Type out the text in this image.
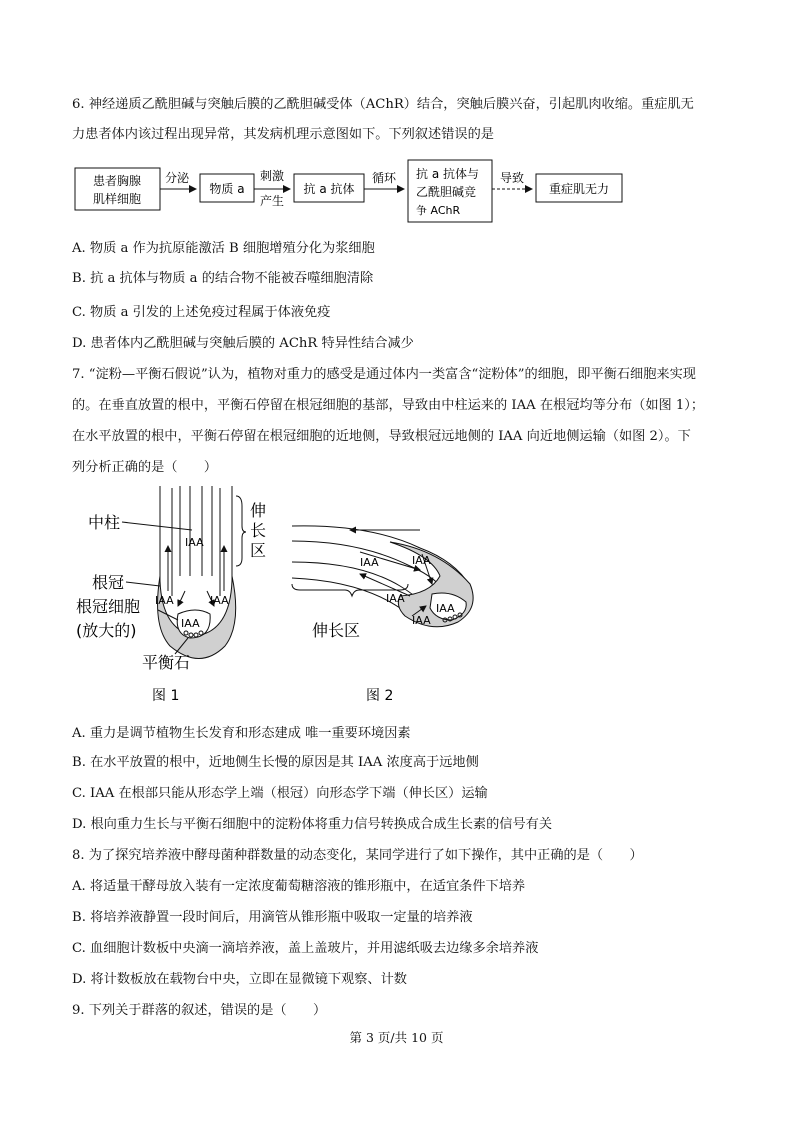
6. 神经递质乙酰胆碱与突触后膜的乙酰胆碱受体（AChR）结合，突触后膜兴奋，引起肌肉收缩。重症肌无
力患者体内该过程出现异常，其发病机理示意图如下。下列叙述错误的是
患者胸腺
肌样细胞
分泌
物质 a
刺激
产生
抗 a 抗体
循环 抗 a 抗体与
乙酰胆碱竞
争 AChR
导致
重症肌无力
A. 物质 a 作为抗原能激活 B 细胞增殖分化为浆细胞
B. 抗 a 抗体与物质 a 的结合物不能被吞噬细胞清除
C. 物质 a 引发的上述免疫过程属于体液免疫
D. 患者体内乙酰胆碱与突触后膜的 AChR 特异性结合减少
7. “淀粉—平衡石假说”认为，植物对重力的感受是通过体内一类富含“淀粉体”的细胞，即平衡石细胞来实现
的。在垂直放置的根中，平衡石停留在根冠细胞的基部，导致由中柱运来的 IAA 在根冠均等分布（如图 1）；
在水平放置的根中，平衡石停留在根冠细胞的近地侧，导致根冠远地侧的 IAA 向近地侧运输（如图 2）。下
列分析正确的是（　　）
IAA
IAA	IAA
IAA
中柱
伸
长
区
根冠
根冠细胞
(放大的)
平衡石
图 1
IAA
IAA
IAA
IAA
IAA
伸长区
图 2
A. 重力是调节植物生长发育和形态建成 唯一重要环境因素
B. 在水平放置的根中，近地侧生长慢的原因是其 IAA 浓度高于远地侧
C. IAA 在根部只能从形态学上端（根冠）向形态学下端（伸长区）运输
D. 根向重力生长与平衡石细胞中的淀粉体将重力信号转换成合成生长素的信号有关
8. 为了探究培养液中酵母菌种群数量的动态变化，某同学进行了如下操作，其中正确的是（　　）
A. 将适量干酵母放入装有一定浓度葡萄糖溶液的锥形瓶中，在适宜条件下培养
B. 将培养液静置一段时间后，用滴管从锥形瓶中吸取一定量的培养液
C. 血细胞计数板中央滴一滴培养液，盖上盖玻片，并用滤纸吸去边缘多余培养液
D. 将计数板放在载物台中央，立即在显微镜下观察、计数
9. 下列关于群落的叙述，错误的是（　　）
第 3 页/共 10 页
